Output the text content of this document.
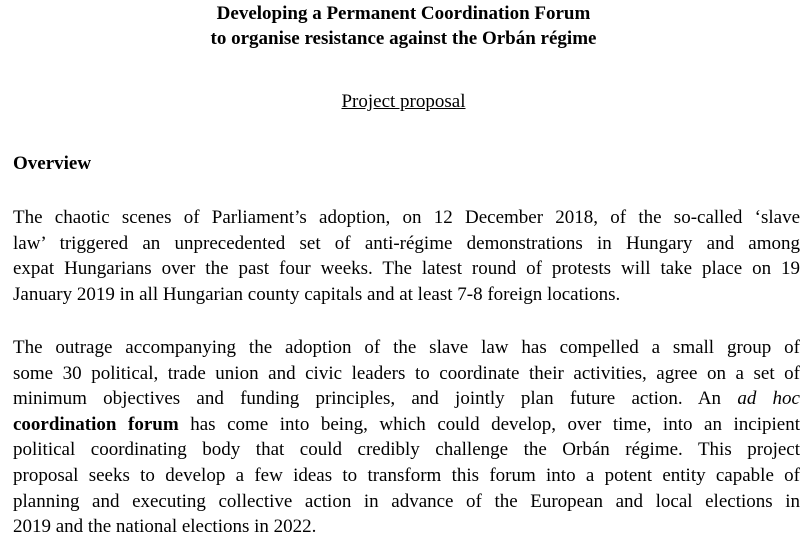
Developing a Permanent Coordination Forum
to organise resistance against the Orbán régime
Project proposal
Overview
The chaotic scenes of Parliament’s adoption, on 12 December 2018, of the so-called ‘slave
law’ triggered an unprecedented set of anti-régime demonstrations in Hungary and among
expat Hungarians over the past four weeks. The latest round of protests will take place on 19
January 2019 in all Hungarian county capitals and at least 7-8 foreign locations.
The outrage accompanying the adoption of the slave law has compelled a small group of
some 30 political, trade union and civic leaders to coordinate their activities, agree on a set of
minimum objectives and funding principles, and jointly plan future action. An ad hoc
coordination forum has come into being, which could develop, over time, into an incipient
political coordinating body that could credibly challenge the Orbán régime. This project
proposal seeks to develop a few ideas to transform this forum into a potent entity capable of
planning and executing collective action in advance of the European and local elections in
2019 and the national elections in 2022.
